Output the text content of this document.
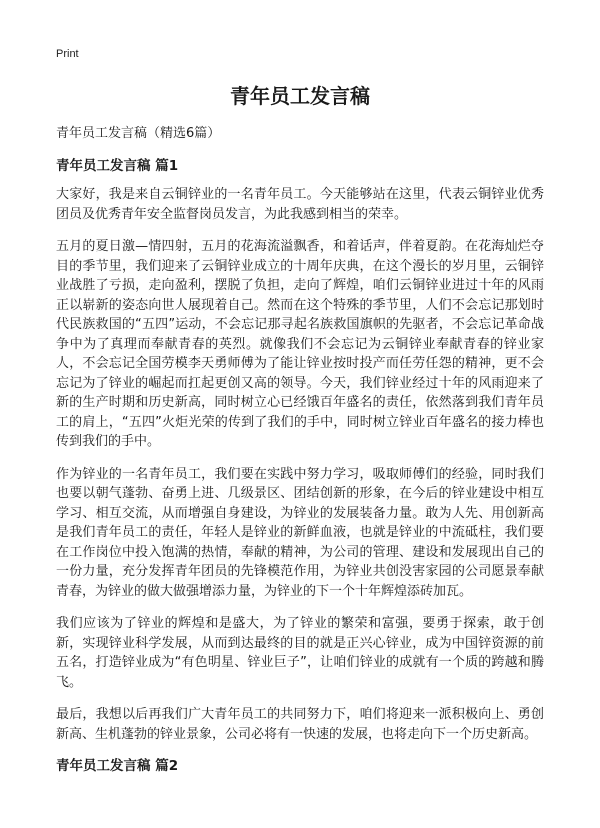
Print
青年员工发言稿
青年员工发言稿（精选6篇）
青年员工发言稿 篇1

大家好，我是来自云铜锌业的一名青年员工。今天能够站在这里，代表云铜锌业优秀团员及优秀青年安全监督岗员发言，为此我感到相当的荣幸。

五月的夏日激—情四射，五月的花海流溢飘香，和着话声，伴着夏韵。在花海灿烂夺目的季节里，我们迎来了云铜锌业成立的十周年庆典，在这个漫长的岁月里，云铜锌业战胜了亏损，走向盈利，摆脱了负担，走向了辉煌，咱们云铜锌业进过十年的风雨正以崭新的姿态向世人展现着自己。然而在这个特殊的季节里，人们不会忘记那划时代民族救国的“五四”运动，不会忘记那寻起名族救国旗帜的先驱者，不会忘记革命战争中为了真理而奉献青春的英烈。就像我们不会忘记为云铜锌业奉献青春的锌业家人，不会忘记全国劳模李天勇师傅为了能让锌业按时投产而任劳任怨的精神，更不会忘记为了锌业的崛起而扛起更创又高的领导。今天，我们锌业经过十年的风雨迎来了新的生产时期和历史新高，同时树立心已经饿百年盛名的责任，依然落到我们青年员工的肩上，“五四”火炬光荣的传到了我们的手中，同时树立锌业百年盛名的接力棒也传到我们的手中。

作为锌业的一名青年员工，我们要在实践中努力学习，吸取师傅们的经验，同时我们也要以朝气蓬勃、奋勇上进、几级景区、团结创新的形象，在今后的锌业建设中相互学习、相互交流，从而增强自身建设，为锌业的发展装备力量。敢为人先、用创新高是我们青年员工的责任，年轻人是锌业的新鲜血液，也就是锌业的中流砥柱，我们要在工作岗位中投入饱满的热情，奉献的精神，为公司的管理、建设和发展现出自己的一份力量，充分发挥青年团员的先锋模范作用，为锌业共创没害家园的公司愿景奉献青春，为锌业的做大做强增添力量，为锌业的下一个十年辉煌添砖加瓦。

我们应该为了锌业的辉煌和是盛大，为了锌业的繁荣和富强，要勇于探索，敢于创新，实现锌业科学发展，从而到达最终的目的就是正兴心锌业，成为中国锌资源的前五名，打造锌业成为“有色明星、锌业巨子”，让咱们锌业的成就有一个质的跨越和腾飞。

最后，我想以后再我们广大青年员工的共同努力下，咱们将迎来一派积极向上、勇创新高、生机蓬勃的锌业景象，公司必将有一快速的发展，也将走向下一个历史新高。

青年员工发言稿 篇2
